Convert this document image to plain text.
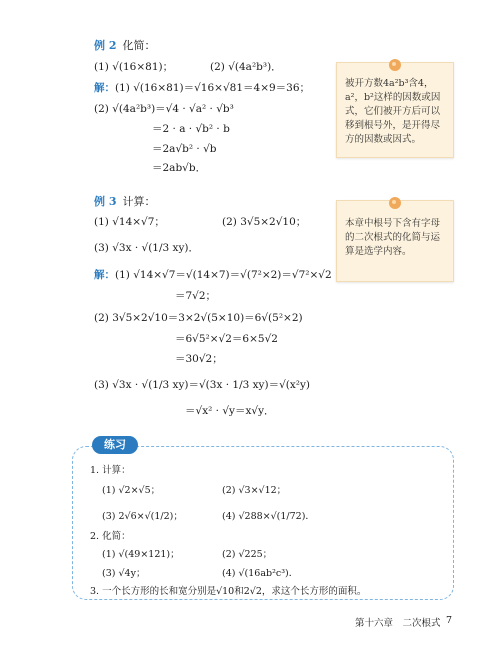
例 2 化简：
(1) √(16×81)；	(2) √(4a²b³)．
解：(1) √(16×81)＝√16×√81＝4×9＝36；
(2) √(4a²b³)＝√4 · √a² · √b³
＝2 · a · √b² · b
＝2a√b² · √b
＝2ab√b．
被开方数4a²b³含4，a²，b²这样的因数或因式，它们被开方后可以移到根号外，是开得尽方的因数或因式。
例 3 计算：
(1) √14×√7；	(2) 3√5×2√10；
(3) √3x · √(1/3 xy)．
解：(1) √14×√7＝√(14×7)＝√(7²×2)＝√7²×√2
＝7√2；
(2) 3√5×2√10＝3×2√(5×10)＝6√(5²×2)
＝6√5²×√2＝6×5√2
＝30√2；
(3) √3x · √(1/3 xy)＝√(3x · 1/3 xy)＝√(x²y)
＝√x² · √y＝x√y．
本章中根号下含有字母的二次根式的化简与运算是选学内容。
练习
1. 计算：
(1) √2×√5；	(2) √3×√12；
(3) 2√6×√(1/2)；	(4) √288×√(1/72)．
2. 化简：
(1) √(49×121)；	(2) √225；
(3) √4y；	(4) √(16ab²c³)．
3. 一个长方形的长和宽分别是√10和2√2，求这个长方形的面积。
第十六章　二次根式 7
